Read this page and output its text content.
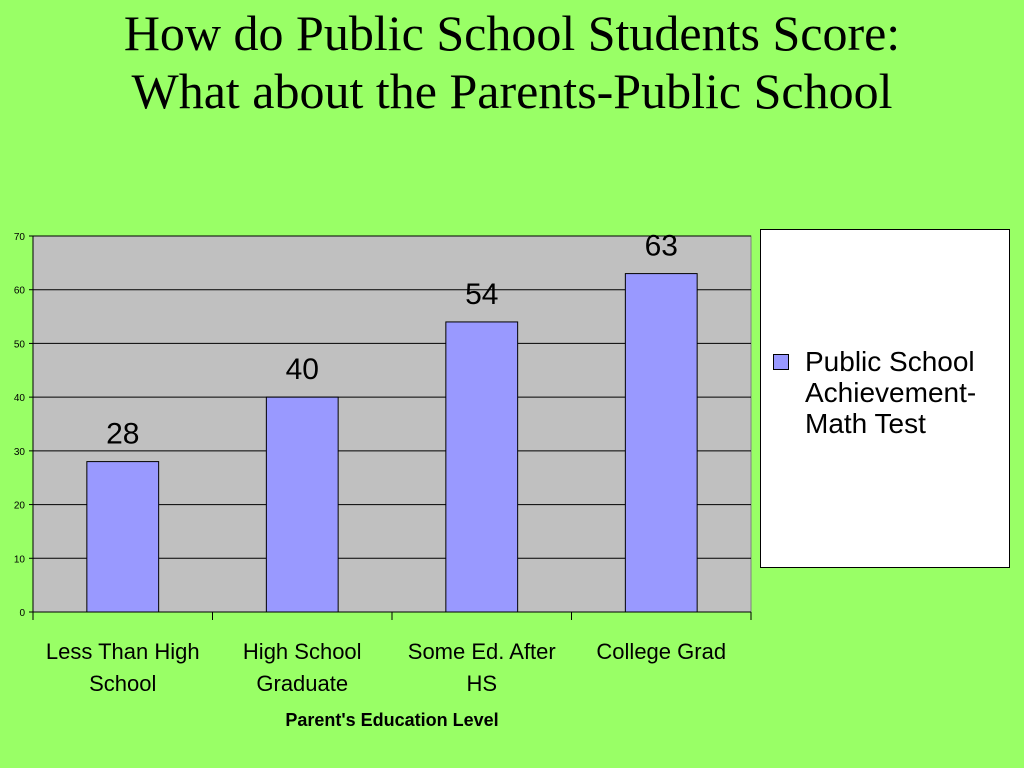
How do Public School Students Score:
What about the Parents-Public School
0
10
20
30
40
50
60
70
28
40
54
63
Less Than High School
High School Graduate
Some Ed. After HS
College Grad
Parent's Education Level
Public School Achievement-Math Test
